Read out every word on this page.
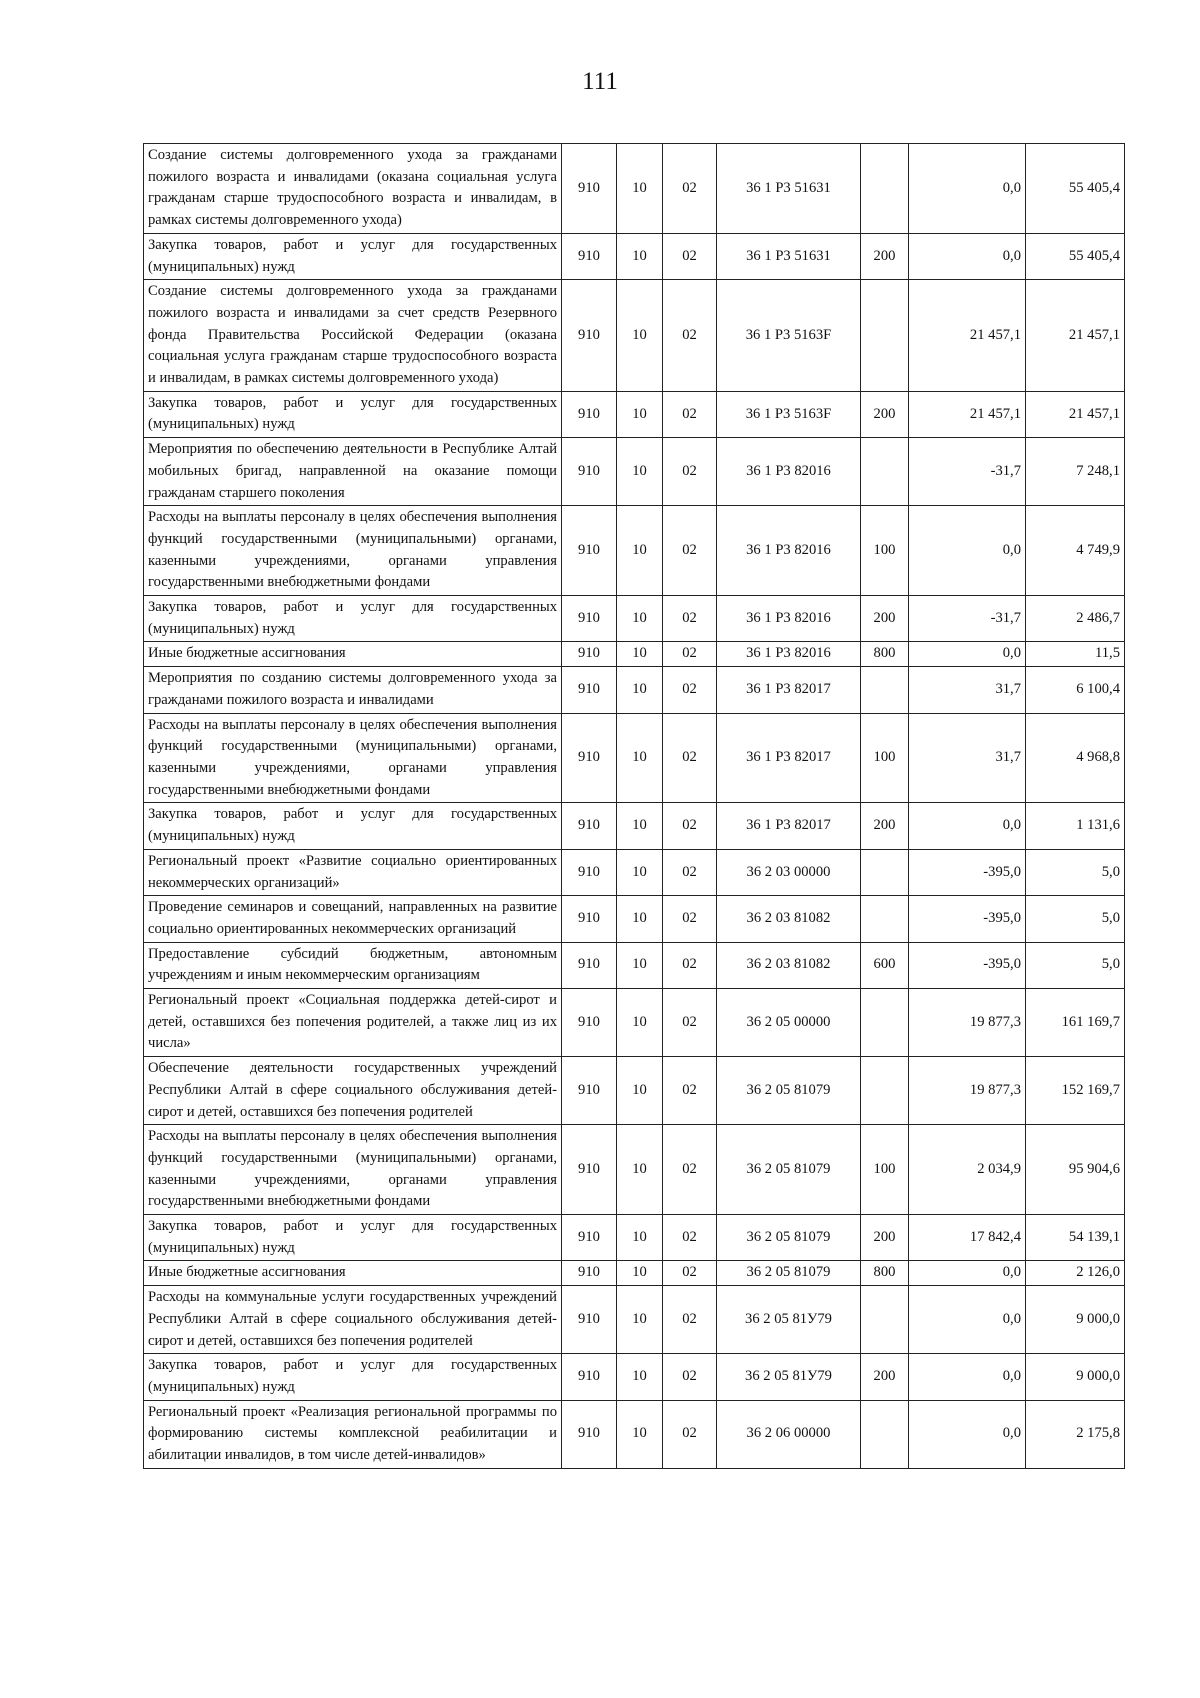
111
Создание системы долговременного ухода за гражданами пожилого возраста и инвалидами (оказана социальная услуга гражданам старше трудоспособного возраста и инвалидам, в рамках системы долговременного ухода)	910	10	02	36 1 Р3 51631		0,0	55 405,4
Закупка товаров, работ и услуг для государственных (муниципальных) нужд	910	10	02	36 1 Р3 51631	200	0,0	55 405,4
Создание системы долговременного ухода за гражданами пожилого возраста и инвалидами за счет средств Резервного фонда Правительства Российской Федерации (оказана социальная услуга гражданам старше трудоспособного возраста и инвалидам, в рамках системы долговременного ухода)	910	10	02	36 1 Р3 5163F		21 457,1	21 457,1
Закупка товаров, работ и услуг для государственных (муниципальных) нужд	910	10	02	36 1 Р3 5163F	200	21 457,1	21 457,1
Мероприятия по обеспечению деятельности в Республике Алтай мобильных бригад, направленной на оказание помощи гражданам старшего поколения	910	10	02	36 1 Р3 82016		-31,7	7 248,1
Расходы на выплаты персоналу в целях обеспечения выполнения функций государственными (муниципальными) органами, казенными учреждениями, органами управления государственными внебюджетными фондами	910	10	02	36 1 Р3 82016	100	0,0	4 749,9
Закупка товаров, работ и услуг для государственных (муниципальных) нужд	910	10	02	36 1 Р3 82016	200	-31,7	2 486,7
Иные бюджетные ассигнования	910	10	02	36 1 Р3 82016	800	0,0	11,5
Мероприятия по созданию системы долговременного ухода за гражданами пожилого возраста и инвалидами	910	10	02	36 1 Р3 82017		31,7	6 100,4
Расходы на выплаты персоналу в целях обеспечения выполнения функций государственными (муниципальными) органами, казенными учреждениями, органами управления государственными внебюджетными фондами	910	10	02	36 1 Р3 82017	100	31,7	4 968,8
Закупка товаров, работ и услуг для государственных (муниципальных) нужд	910	10	02	36 1 Р3 82017	200	0,0	1 131,6
Региональный проект «Развитие социально ориентированных некоммерческих организаций»	910	10	02	36 2 03 00000		-395,0	5,0
Проведение семинаров и совещаний, направленных на развитие социально ориентированных некоммерческих организаций	910	10	02	36 2 03 81082		-395,0	5,0
Предоставление субсидий бюджетным, автономным учреждениям и иным некоммерческим организациям	910	10	02	36 2 03 81082	600	-395,0	5,0
Региональный проект «Социальная поддержка детей-сирот и детей, оставшихся без попечения родителей, а также лиц из их числа»	910	10	02	36 2 05 00000		19 877,3	161 169,7
Обеспечение деятельности государственных учреждений Республики Алтай в сфере социального обслуживания детей-сирот и детей, оставшихся без попечения родителей	910	10	02	36 2 05 81079		19 877,3	152 169,7
Расходы на выплаты персоналу в целях обеспечения выполнения функций государственными (муниципальными) органами, казенными учреждениями, органами управления государственными внебюджетными фондами	910	10	02	36 2 05 81079	100	2 034,9	95 904,6
Закупка товаров, работ и услуг для государственных (муниципальных) нужд	910	10	02	36 2 05 81079	200	17 842,4	54 139,1
Иные бюджетные ассигнования	910	10	02	36 2 05 81079	800	0,0	2 126,0
Расходы на коммунальные услуги государственных учреждений Республики Алтай в сфере социального обслуживания детей-сирот и детей, оставшихся без попечения родителей	910	10	02	36 2 05 81У79		0,0	9 000,0
Закупка товаров, работ и услуг для государственных (муниципальных) нужд	910	10	02	36 2 05 81У79	200	0,0	9 000,0
Региональный проект «Реализация региональной программы по формированию системы комплексной реабилитации и абилитации инвалидов, в том числе детей-инвалидов»	910	10	02	36 2 06 00000		0,0	2 175,8
